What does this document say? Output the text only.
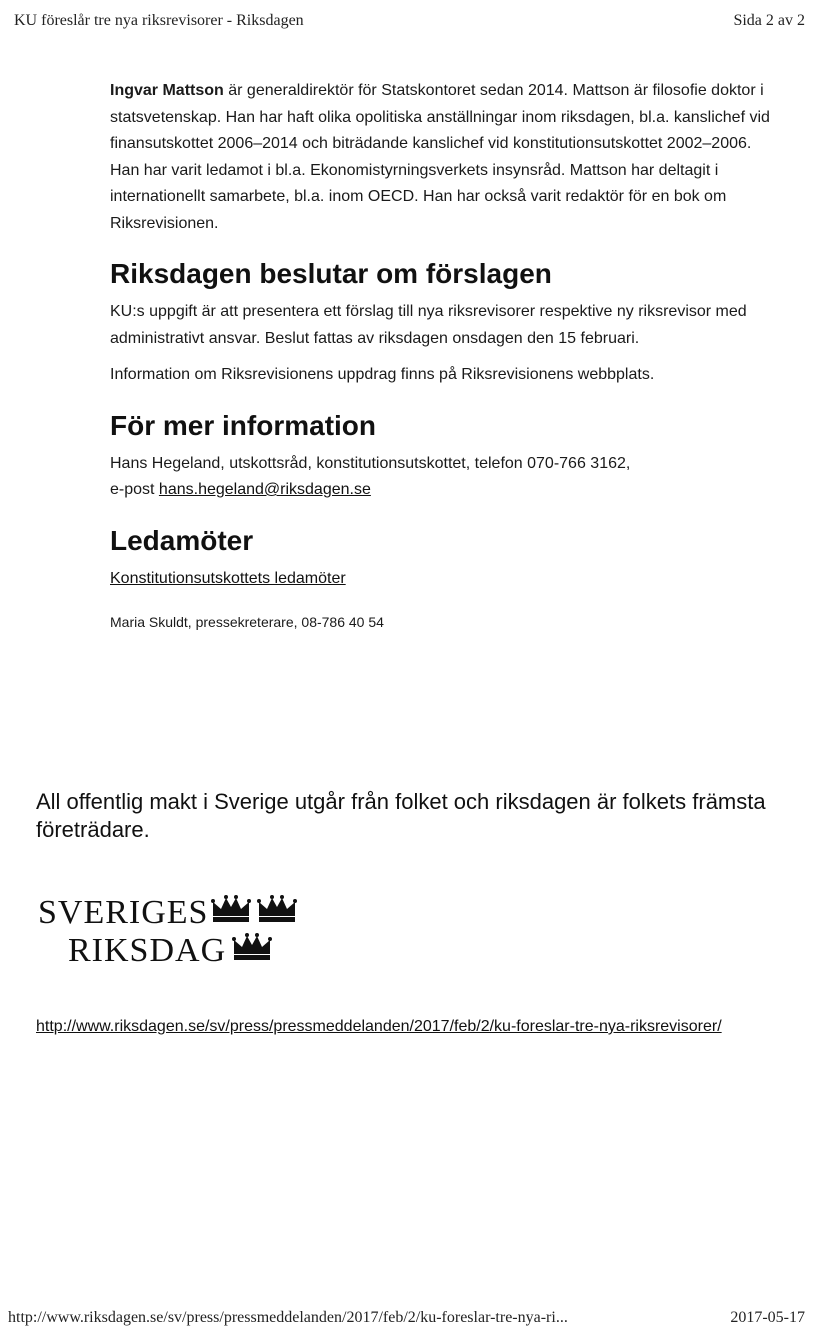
KU föreslår tre nya riksrevisorer - Riksdagen	Sida 2 av 2

Ingvar Mattson är generaldirektör för Statskontoret sedan 2014. Mattson är filosofie doktor i statsvetenskap. Han har haft olika opolitiska anställningar inom riksdagen, bl.a. kanslichef vid finansutskottet 2006–2014 och biträdande kanslichef vid konstitutionsutskottet 2002–2006. Han har varit ledamot i bl.a. Ekonomistyrningsverkets insynsråd. Mattson har deltagit i internationellt samarbete, bl.a. inom OECD. Han har också varit redaktör för en bok om Riksrevisionen.

Riksdagen beslutar om förslagen

KU:s uppgift är att presentera ett förslag till nya riksrevisorer respektive ny riksrevisor med administrativt ansvar. Beslut fattas av riksdagen onsdagen den 15 februari.

Information om Riksrevisionens uppdrag finns på Riksrevisionens webbplats.

För mer information

Hans Hegeland, utskottsråd, konstitutionsutskottet, telefon 070-766 3162,
e-post hans.hegeland@riksdagen.se

Ledamöter

Konstitutionsutskottets ledamöter

Maria Skuldt, pressekreterare, 08-786 40 54

All offentlig makt i Sverige utgår från folket och riksdagen är folkets främsta företrädare.
SVERIGES
RIKSDAG
http://www.riksdagen.se/sv/press/pressmeddelanden/2017/feb/2/ku-foreslar-tre-nya-riksrevisorer/
http://www.riksdagen.se/sv/press/pressmeddelanden/2017/feb/2/ku-foreslar-tre-nya-ri...	2017-05-17
